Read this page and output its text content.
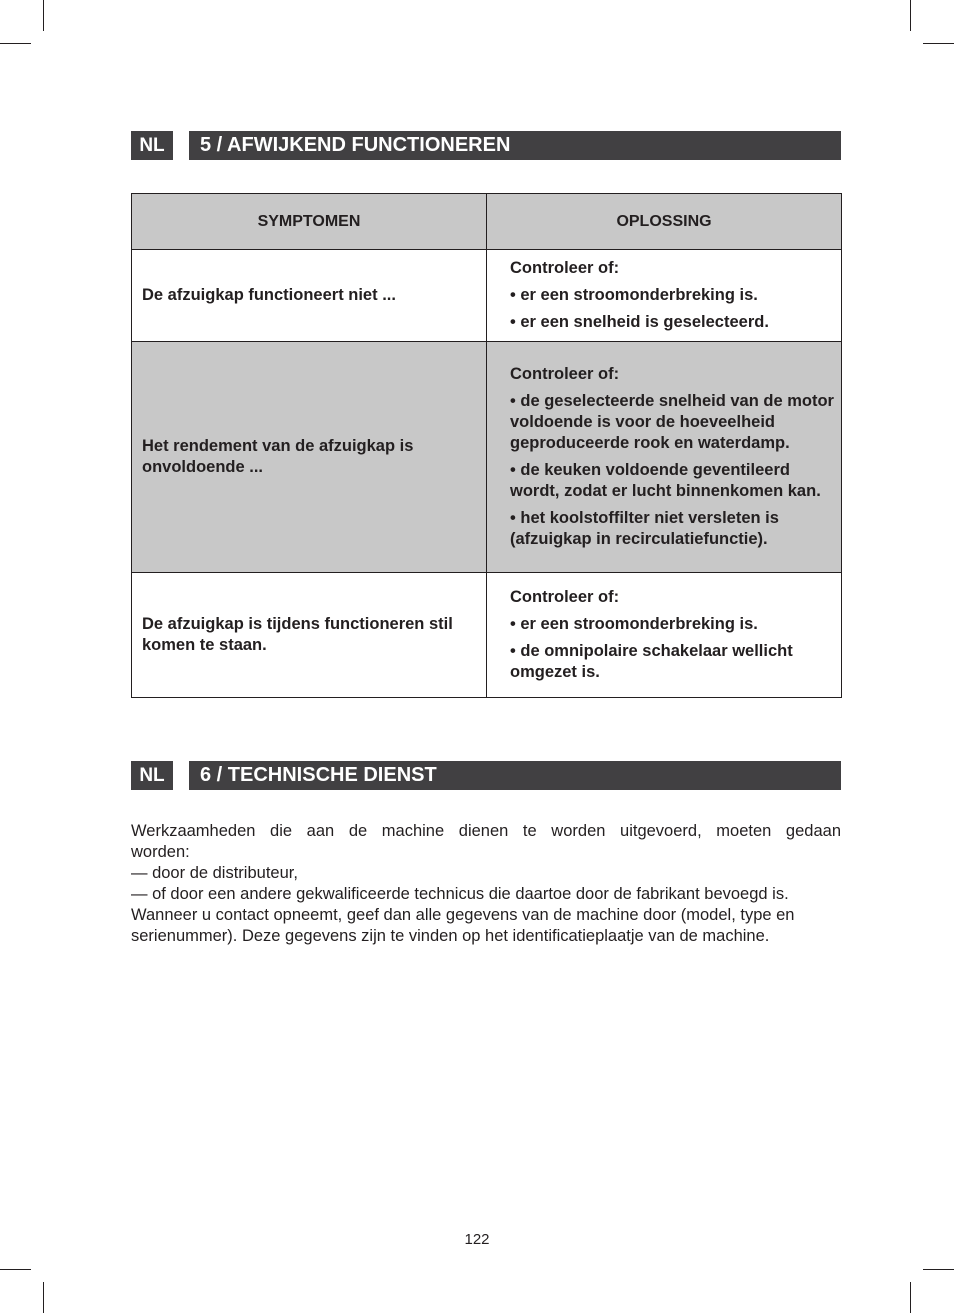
NL	5 / AFWIJKEND FUNCTIONEREN
SYMPTOMEN	OPLOSSING
De afzuigkap functioneert niet ...	Controleer of:

• er een stroomonderbreking is.

• er een snelheid is geselecteerd.

Het rendement van de afzuigkap is onvoldoende ...	Controleer of:

• de geselecteerde snelheid van de motor voldoende is voor de hoeveelheid geproduceerde rook en waterdamp.

• de keuken voldoende geventileerd wordt, zodat er lucht binnenkomen kan.

• het koolstoffilter niet versleten is (afzuigkap in recirculatiefunctie).

De afzuigkap is tijdens functioneren stil komen te staan.	Controleer of:

• er een stroomonderbreking is.

• de omnipolaire schakelaar wellicht omgezet is.

NL	6 / TECHNISCHE DIENST

Werkzaamheden die aan de machine dienen te worden uitgevoerd, moeten gedaan

worden:

— door de distributeur,

— of door een andere gekwalificeerde technicus die daartoe door de fabrikant bevoegd is.

Wanneer u contact opneemt, geef dan alle gegevens van de machine door (model, type en serienummer). Deze gegevens zijn te vinden op het identificatieplaatje van de machine.

122
